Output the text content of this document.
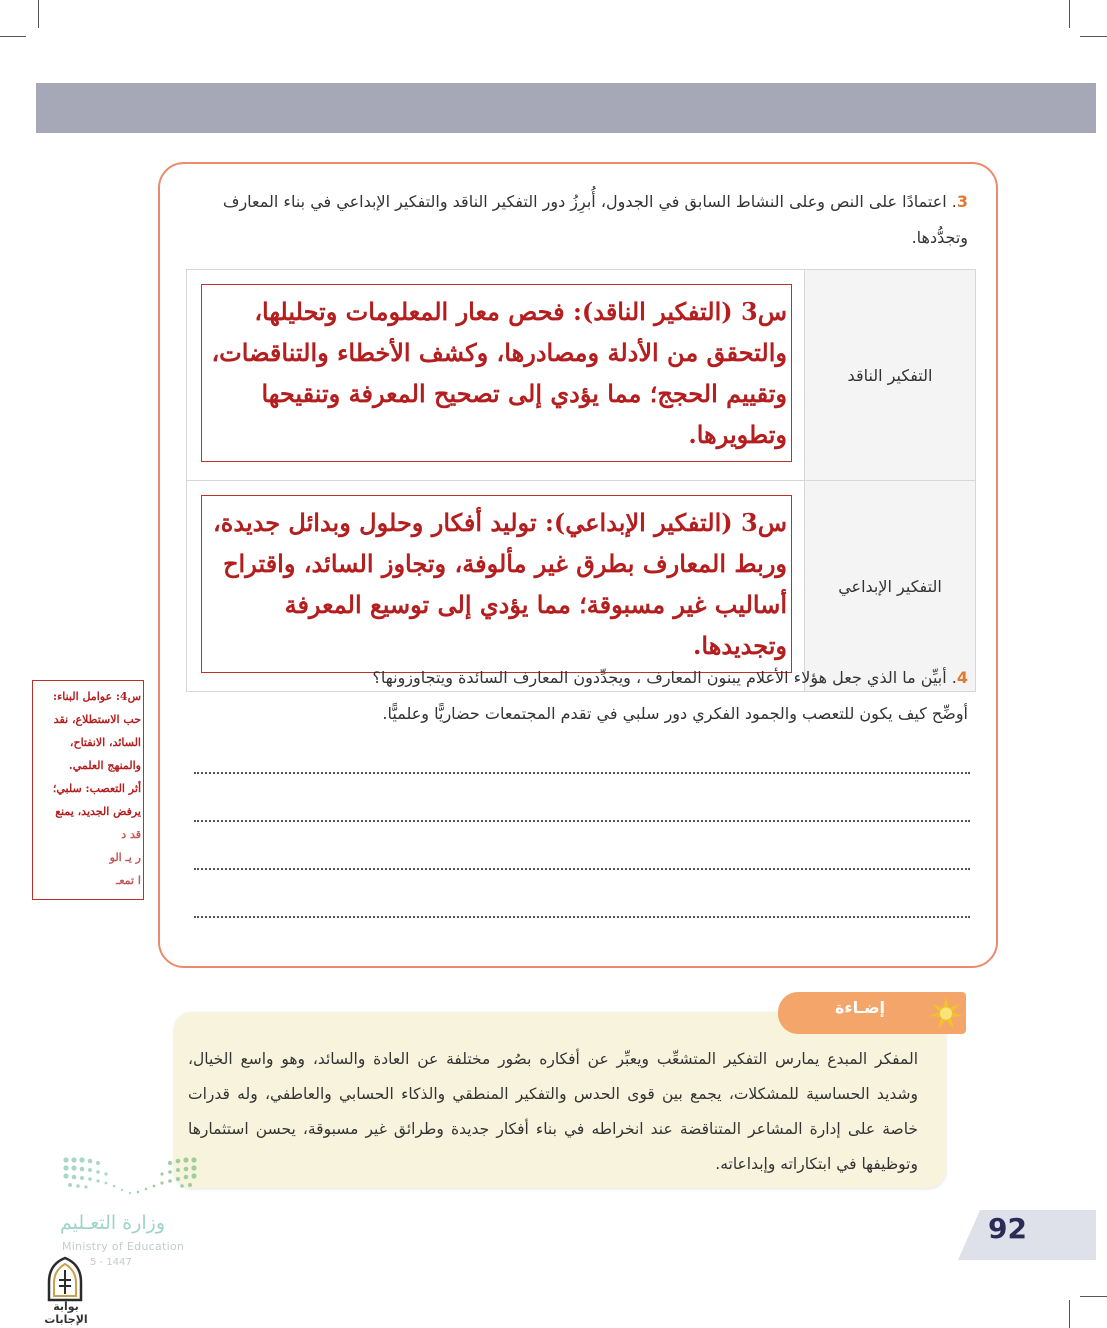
3. اعتمادًا على النص وعلى النشاط السابق في الجدول، أُبرِزُ دور التفكير الناقد والتفكير الإبداعي في بناء المعارف وتجدُّدها.
التفكير الناقد	س3 (التفكير الناقد): فحص ﻣﻌﺎر المعلومات وتحليلها، والتحقق من الأدلة ومصادرها، وكشف الأخطاء والتناقضات، وتقييم الحجج؛ مما يؤدي إلى تصحيح المعرفة وتنقيحها وتطويرها.

التفكير الإبداعي	س3 (التفكير الإبداعي): توليد أفكار وحلول وبدائل جديدة، وربط المعارف بطرق غير مألوفة، وتجاوز السائد، واقتراح أساليب غير مسبوقة؛ مما يؤدي إلى توسيع المعرفة وتجديدها.
4. أبيِّن ما الذي جعل هؤلاء الأعلام يبنون المعارف ، ويجدِّدون المعارف السائدة ويتجاوزونها؟
أوضِّح كيف يكون للتعصب والجمود الفكري دور سلبي في تقدم المجتمعات حضاريًّا وعلميًّا.
س4: عوامل البناء:
حب الاستطلاع، نقد
السائد، الانفتاح،
والمنهج العلمي.
أثر التعصب: سلبي؛
يرفض الجديد، يمنع
قد د
ر يـ الو
ا تمعـ
المفكر المبدع يمارس التفكير المتشعِّب ويعبِّر عن أفكاره بصُور مختلفة عن العادة والسائد، وهو واسع الخيال، وشديد الحساسية للمشكلات، يجمع بين قوى الحدس والتفكير المنطقي والذكاء الحسابي والعاطفي، وله قدرات خاصة على إدارة المشاعر المتناقضة عند انخراطه في بناء أفكار جديدة وطرائق غير مسبوقة، يحسن استثمارها وتوظيفها في ابتكاراته وإبداعاته.
إضـاءة
92
وزارة التعـليم
Ministry of Education
5 - 1447
بوابة الإجابات
